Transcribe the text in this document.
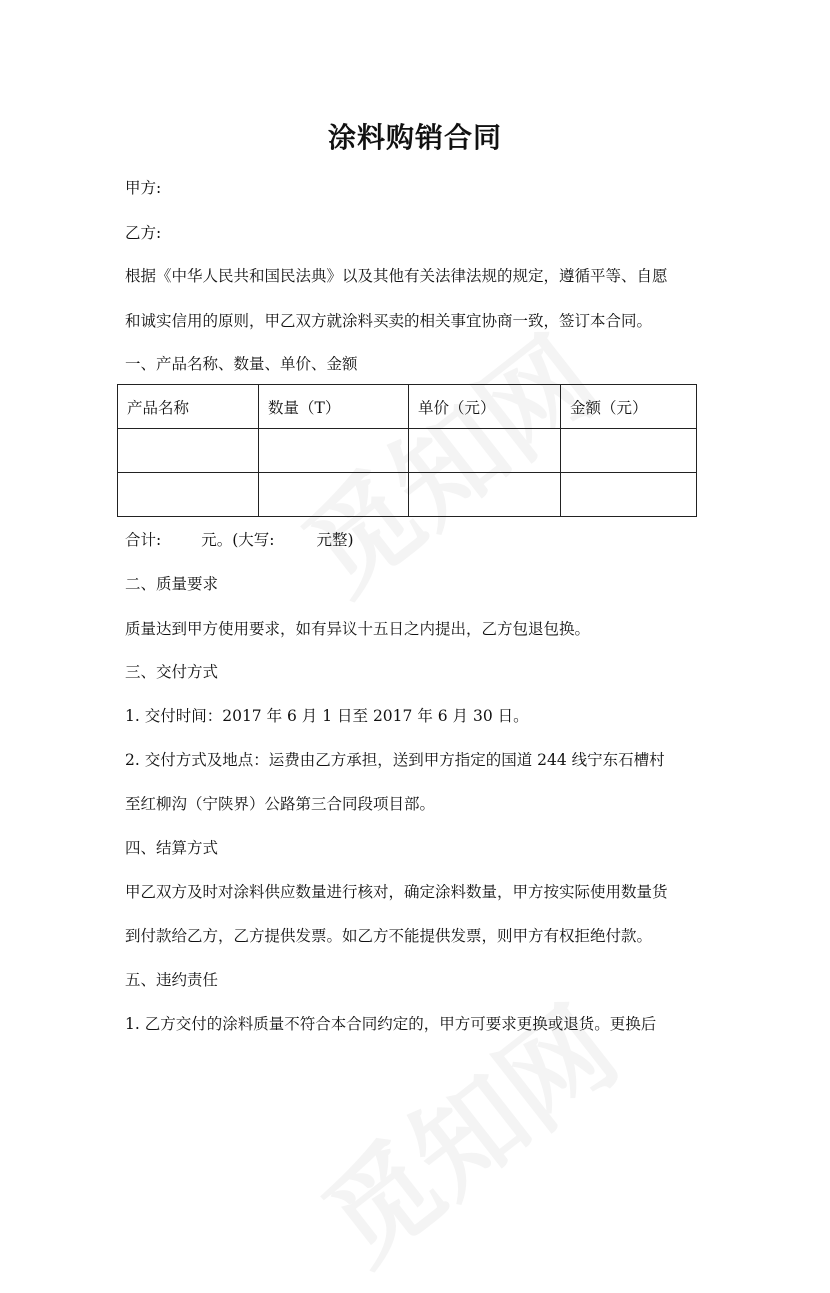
涂料购销合同
甲方:
乙方:
根据《中华人民共和国民法典》以及其他有关法律法规的规定，遵循平等、自愿
和诚实信用的原则，甲乙双方就涂料买卖的相关事宜协商一致，签订本合同。
一、产品名称、数量、单价、金额
产品名称	数量（T）	单价（元）	金额（元）

合计:	元。(大写:	元整)
二、质量要求
质量达到甲方使用要求，如有异议十五日之内提出，乙方包退包换。
三、交付方式
1. 交付时间：2017 年 6 月 1 日至 2017 年 6 月 30 日。
2. 交付方式及地点：运费由乙方承担，送到甲方指定的国道 244 线宁东石槽村
至红柳沟（宁陕界）公路第三合同段项目部。
四、结算方式
甲乙双方及时对涂料供应数量进行核对，确定涂料数量，甲方按实际使用数量货
到付款给乙方，乙方提供发票。如乙方不能提供发票，则甲方有权拒绝付款。
五、违约责任
1. 乙方交付的涂料质量不符合本合同约定的，甲方可要求更换或退货。更换后
